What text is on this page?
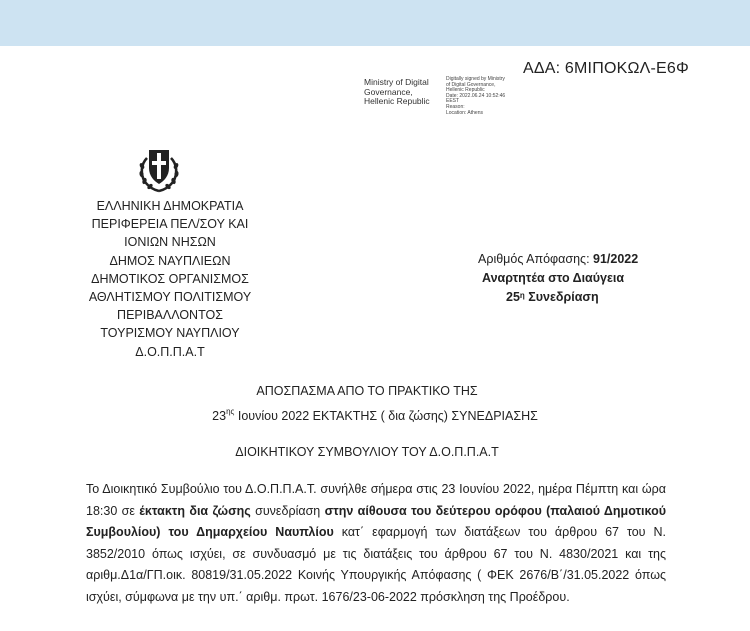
ΑΔΑ: 6ΜΙΠΟΚΩΛ-Ε6Φ
Ministry of Digital
Governance,
Hellenic Republic
Digitally signed by Ministry
of Digital Governance,
Hellenic Republic
Date: 2022.06.24 10:52:46
EEST
Reason:
Location: Athens
ΕΛΛΗΝΙΚΗ ΔΗΜΟΚΡΑΤΙΑ
ΠΕΡΙΦΕΡΕΙΑ ΠΕΛ/ΣΟΥ ΚΑΙ
ΙΟΝΙΩΝ ΝΗΣΩΝ
ΔΗΜΟΣ ΝΑΥΠΛΙΕΩΝ
ΔΗΜΟΤΙΚΟΣ ΟΡΓΑΝΙΣΜΟΣ
ΑΘΛΗΤΙΣΜΟΥ ΠΟΛΙΤΙΣΜΟΥ
ΠΕΡΙΒΑΛΛΟΝΤΟΣ
ΤΟΥΡΙΣΜΟΥ ΝΑΥΠΛΙΟΥ
Δ.Ο.Π.Π.Α.Τ
Αριθμός Απόφασης: 91/2022
Αναρτητέα στο Διαύγεια
$25^\eta$ Συνεδρίαση
ΑΠΟΣΠΑΣΜΑ ΑΠΟ ΤΟ ΠΡΑΚΤΙΚΟ ΤΗΣ
$23^{\eta\varsigma}$ Ιουνίου 2022 ΕΚΤΑΚΤΗΣ ( δια ζώσης) ΣΥΝΕΔΡΙΑΣΗΣ
ΔΙΟΙΚΗΤΙΚΟΥ ΣΥΜΒΟΥΛΙΟΥ ΤΟΥ Δ.Ο.Π.Π.Α.Τ
Το Διοικητικό Συμβούλιο του Δ.Ο.Π.Π.Α.Τ. συνήλθε σήμερα στις 23 Ιουνίου 2022, ημέρα Πέμπτη και ώρα 18:30 σε έκτακτη δια ζώσης συνεδρίαση στην αίθουσα του δεύτερου ορόφου (παλαιού Δημοτικού Συμβουλίου) του Δημαρχείου Ναυπλίου κατ΄ εφαρμογή των διατάξεων του άρθρου 67 του Ν. 3852/2010 όπως ισχύει, σε συνδυασμό με τις διατάξεις του άρθρου 67 του Ν. 4830/2021 και της αριθμ.Δ1α/ΓΠ.οικ. 80819/31.05.2022 Κοινής Υπουργικής Απόφασης ( ΦΕΚ 2676/Β΄/31.05.2022 όπως ισχύει, σύμφωνα με την υπ.΄ αριθμ. πρωτ. 1676/23-06-2022 πρόσκληση της Προέδρου.
